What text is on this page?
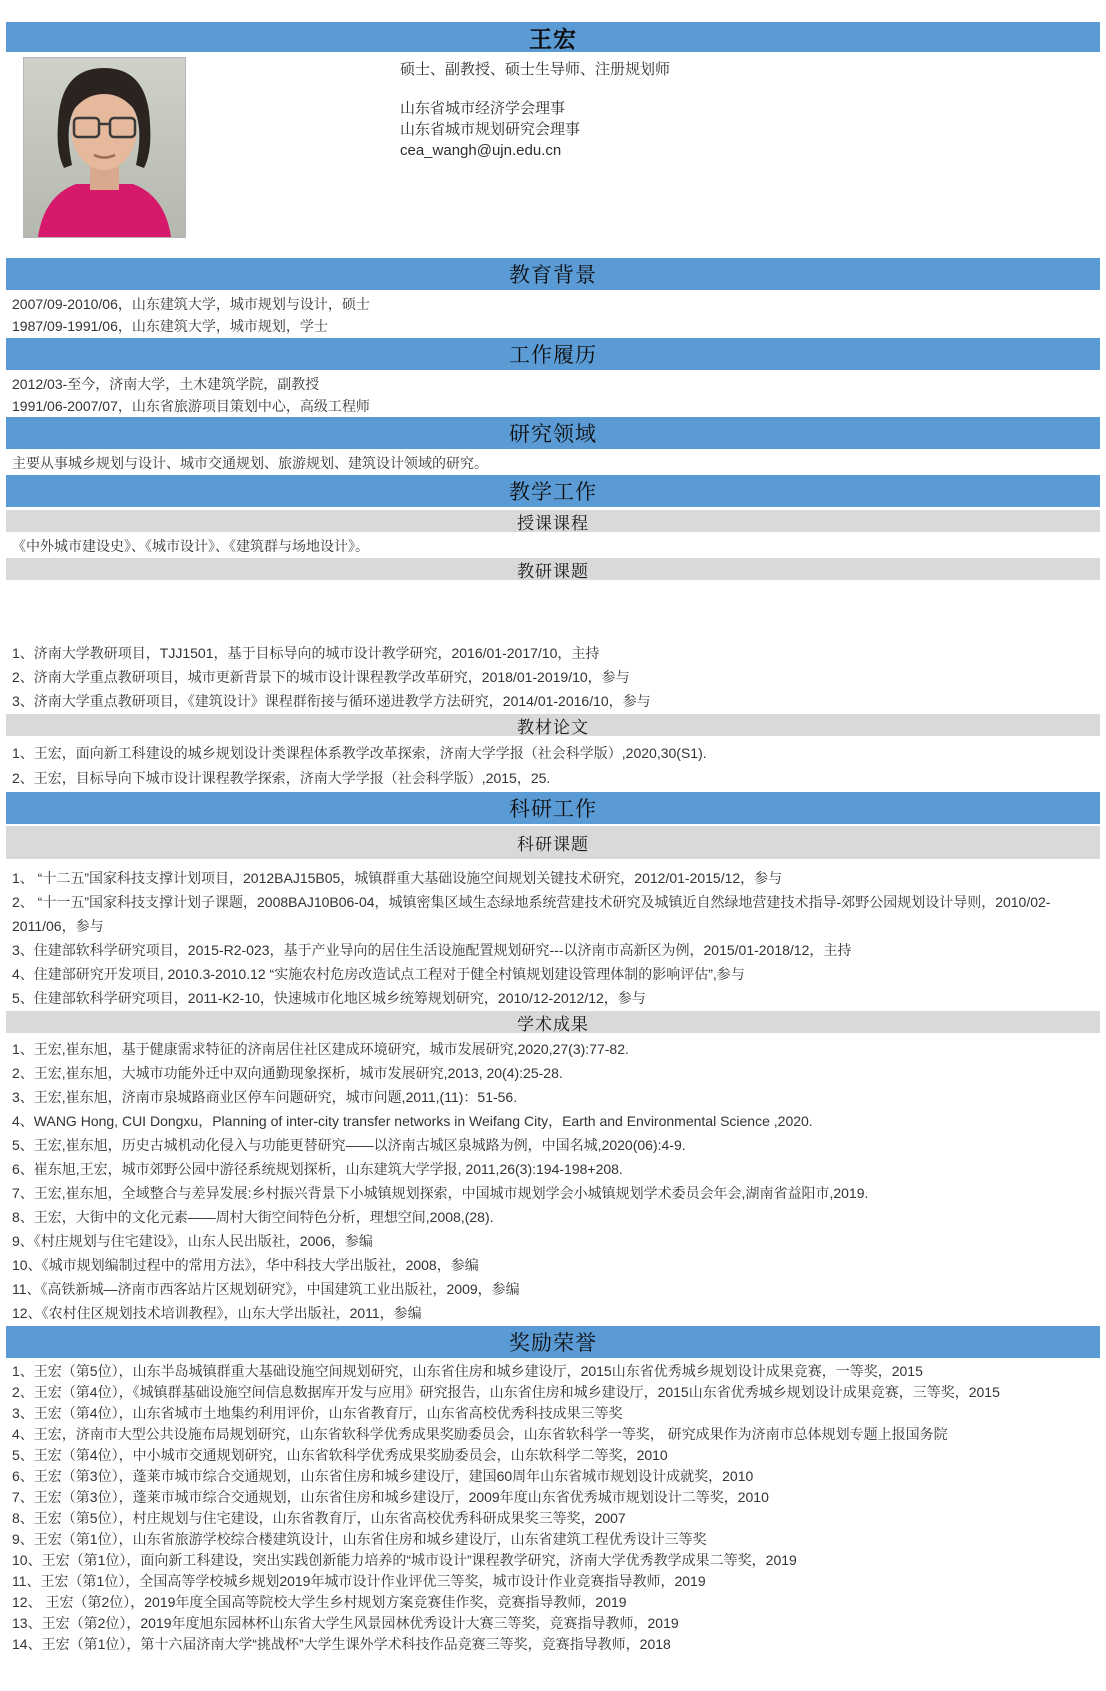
王宏
硕士、副教授、硕士生导师、注册规划师
山东省城市经济学会理事
山东省城市规划研究会理事
cea_wangh@ujn.edu.cn
教育背景
2007/09-2010/06，山东建筑大学，城市规划与设计，硕士
1987/09-1991/06，山东建筑大学，城市规划，学士
工作履历
2012/03-至今，济南大学，土木建筑学院，副教授
1991/06-2007/07，山东省旅游项目策划中心，高级工程师
研究领域
主要从事城乡规划与设计、城市交通规划、旅游规划、建筑设计领域的研究。
教学工作
授课课程
《中外城市建设史》、《城市设计》、《建筑群与场地设计》。
教研课题
1、济南大学教研项目，TJJ1501，基于目标导向的城市设计教学研究，2016/01-2017/10，主持
2、济南大学重点教研项目，城市更新背景下的城市设计课程教学改革研究，2018/01-2019/10，参与
3、济南大学重点教研项目，《建筑设计》课程群衔接与循环递进教学方法研究，2014/01-2016/10，参与
教材论文
1、王宏，面向新工科建设的城乡规划设计类课程体系教学改革探索，济南大学学报（社会科学版）,2020,30(S1).
2、王宏，目标导向下城市设计课程教学探索，济南大学学报（社会科学版）,2015，25.
科研工作
科研课题
1、 “十二五”国家科技支撑计划项目，2012BAJ15B05，城镇群重大基础设施空间规划关键技术研究，2012/01-2015/12，参与
2、 “十一五”国家科技支撑计划子课题，2008BAJ10B06-04，城镇密集区域生态绿地系统营建技术研究及城镇近自然绿地营建技术指导-郊野公园规划设计导则，2010/02-2011/06，参与
3、住建部软科学研究项目，2015-R2-023，基于产业导向的居住生活设施配置规划研究---以济南市高新区为例，2015/01-2018/12，主持
4、住建部研究开发项目, 2010.3-2010.12 “实施农村危房改造试点工程对于健全村镇规划建设管理体制的影响评估”,参与
5、住建部软科学研究项目，2011-K2-10，快速城市化地区城乡统筹规划研究，2010/12-2012/12，参与
学术成果
1、王宏,崔东旭，基于健康需求特征的济南居住社区建成环境研究，城市发展研究,2020,27(3):77-82.
2、王宏,崔东旭，大城市功能外迁中双向通勤现象探析，城市发展研究,2013, 20(4):25-28.
3、王宏,崔东旭，济南市泉城路商业区停车问题研究，城市问题,2011,(11)：51-56.
4、WANG Hong, CUI Dongxu，Planning of inter-city transfer networks in Weifang City，Earth and Environmental Science ,2020.
5、王宏,崔东旭，历史古城机动化侵入与功能更替研究——以济南古城区泉城路为例，中国名城,2020(06):4-9.
6、崔东旭,王宏，城市郊野公园中游径系统规划探析，山东建筑大学学报, 2011,26(3):194-198+208.
7、王宏,崔东旭，全域整合与差异发展:乡村振兴背景下小城镇规划探索，中国城市规划学会小城镇规划学术委员会年会,湖南省益阳市,2019.
8、王宏，大街中的文化元素——周村大街空间特色分析，理想空间,2008,(28).
9、《村庄规划与住宅建设》，山东人民出版社，2006，参编
10、《城市规划编制过程中的常用方法》，华中科技大学出版社，2008，参编
11、《高铁新城—济南市西客站片区规划研究》，中国建筑工业出版社，2009，参编
12、《农村住区规划技术培训教程》，山东大学出版社，2011，参编
奖励荣誉
1、王宏（第5位），山东半岛城镇群重大基础设施空间规划研究，山东省住房和城乡建设厅，2015山东省优秀城乡规划设计成果竞赛，一等奖，2015
2、王宏（第4位），《城镇群基础设施空间信息数据库开发与应用》研究报告，山东省住房和城乡建设厅，2015山东省优秀城乡规划设计成果竞赛，三等奖，2015
3、王宏（第4位），山东省城市土地集约利用评价，山东省教育厅，山东省高校优秀科技成果三等奖
4、王宏，济南市大型公共设施布局规划研究，山东省软科学优秀成果奖励委员会，山东省软科学一等奖， 研究成果作为济南市总体规划专题上报国务院
5、王宏（第4位），中小城市交通规划研究，山东省软科学优秀成果奖励委员会，山东软科学二等奖，2010
6、王宏（第3位），蓬莱市城市综合交通规划，山东省住房和城乡建设厅，建国60周年山东省城市规划设计成就奖，2010
7、王宏（第3位），蓬莱市城市综合交通规划，山东省住房和城乡建设厅，2009年度山东省优秀城市规划设计二等奖，2010
8、王宏（第5位），村庄规划与住宅建设，山东省教育厅，山东省高校优秀科研成果奖三等奖，2007
9、王宏（第1位），山东省旅游学校综合楼建筑设计，山东省住房和城乡建设厅，山东省建筑工程优秀设计三等奖
10、王宏（第1位），面向新工科建设，突出实践创新能力培养的“城市设计”课程教学研究，济南大学优秀教学成果二等奖，2019
11、王宏（第1位），全国高等学校城乡规划2019年城市设计作业评优三等奖，城市设计作业竞赛指导教师，2019
12、 王宏（第2位），2019年度全国高等院校大学生乡村规划方案竞赛佳作奖，竞赛指导教师，2019
13、王宏（第2位），2019年度旭东园林杯山东省大学生风景园林优秀设计大赛三等奖，竞赛指导教师，2019
14、王宏（第1位），第十六届济南大学“挑战杯”大学生课外学术科技作品竞赛三等奖，竞赛指导教师，2018
